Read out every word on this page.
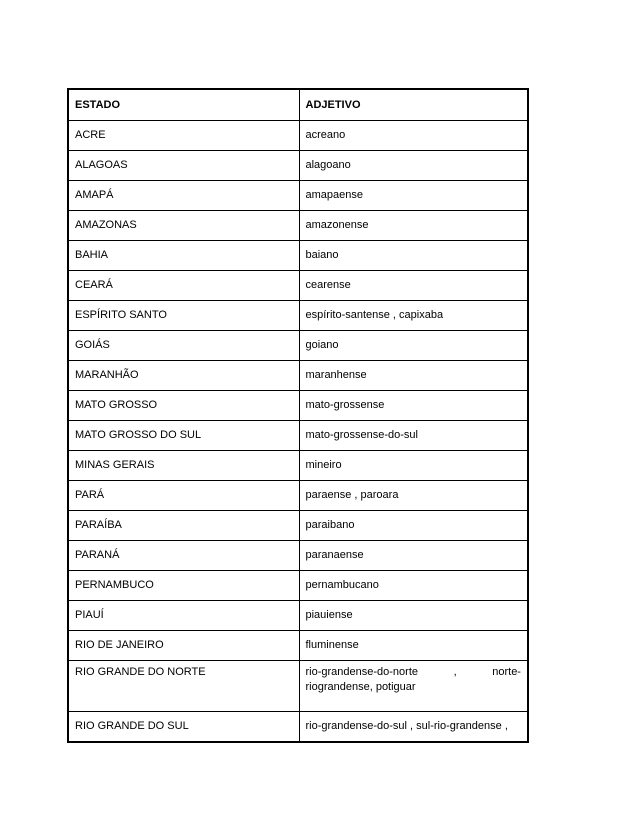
ESTADO	ADJETIVO
ACRE	acreano
ALAGOAS	alagoano
AMAPÁ	amapaense
AMAZONAS	amazonense
BAHIA	baiano
CEARÁ	cearense
ESPÍRITO SANTO	espírito-santense , capixaba
GOIÁS	goiano
MARANHÃO	maranhense
MATO GROSSO	mato-grossense
MATO GROSSO DO SUL	mato-grossense-do-sul
MINAS GERAIS	mineiro
PARÁ	paraense , paroara
PARAÍBA	paraibano
PARANÁ	paranaense
PERNAMBUCO	pernambucano
PIAUÍ	piauiense
RIO DE JANEIRO	fluminense
RIO GRANDE DO NORTE	rio-grandense-do-norte , norte-
riograndense, potiguar

RIO GRANDE DO SUL	rio-grandense-do-sul , sul-rio-grandense ,
